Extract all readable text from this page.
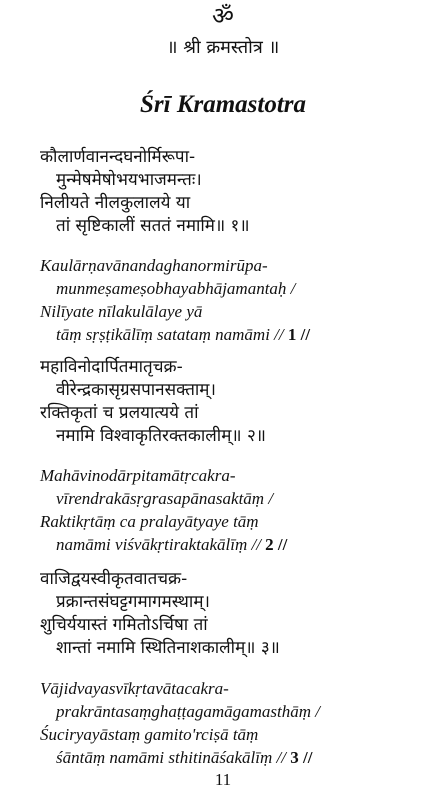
ॐ
॥ श्री क्रमस्तोत्र ॥
Śrī Kramastotra
कौलार्णवानन्दघनोर्मिरूपा-
मुन्मेषमेषोभयभाजमन्तः।
निलीयते नीलकुलालये या
तां सृष्टिकालीं सततं नमामि॥ १॥
Kaulārṇavānandaghanormirūpa-
munmeṣameṣobhayabhājamantaḥ /
Nilīyate nīlakulālaye yā
tāṃ sṛṣṭikālīṃ satataṃ namāmi // 1 //
महाविनोदार्पितमातृचक्र-
वीरेन्द्रकासृग्रसपानसक्ताम्।
रक्तिकृतां च प्रलयात्यये तां
नमामि विश्वाकृतिरक्तकालीम्॥ २॥
Mahāvinodārpitamātṛcakra-
vīrendrakāsṛgrasapānasaktāṃ /
Raktikṛtāṃ ca pralayātyaye tāṃ
namāmi viśvākṛtiraktakālīṃ // 2 //
वाजिद्वयस्वीकृतवातचक्र-
प्रक्रान्तसंघट्टगमागमस्थाम्।
शुचिर्ययास्तं गमितोऽर्चिषा तां
शान्तां नमामि स्थितिनाशकालीम्॥ ३॥
Vājidvayasvīkṛtavātacakra-
prakrāntasaṃghaṭṭagamāgamasthāṃ /
Śuciryayāstaṃ gamito'rciṣā tāṃ
śāntāṃ namāmi sthitināśakālīṃ // 3 //
11
